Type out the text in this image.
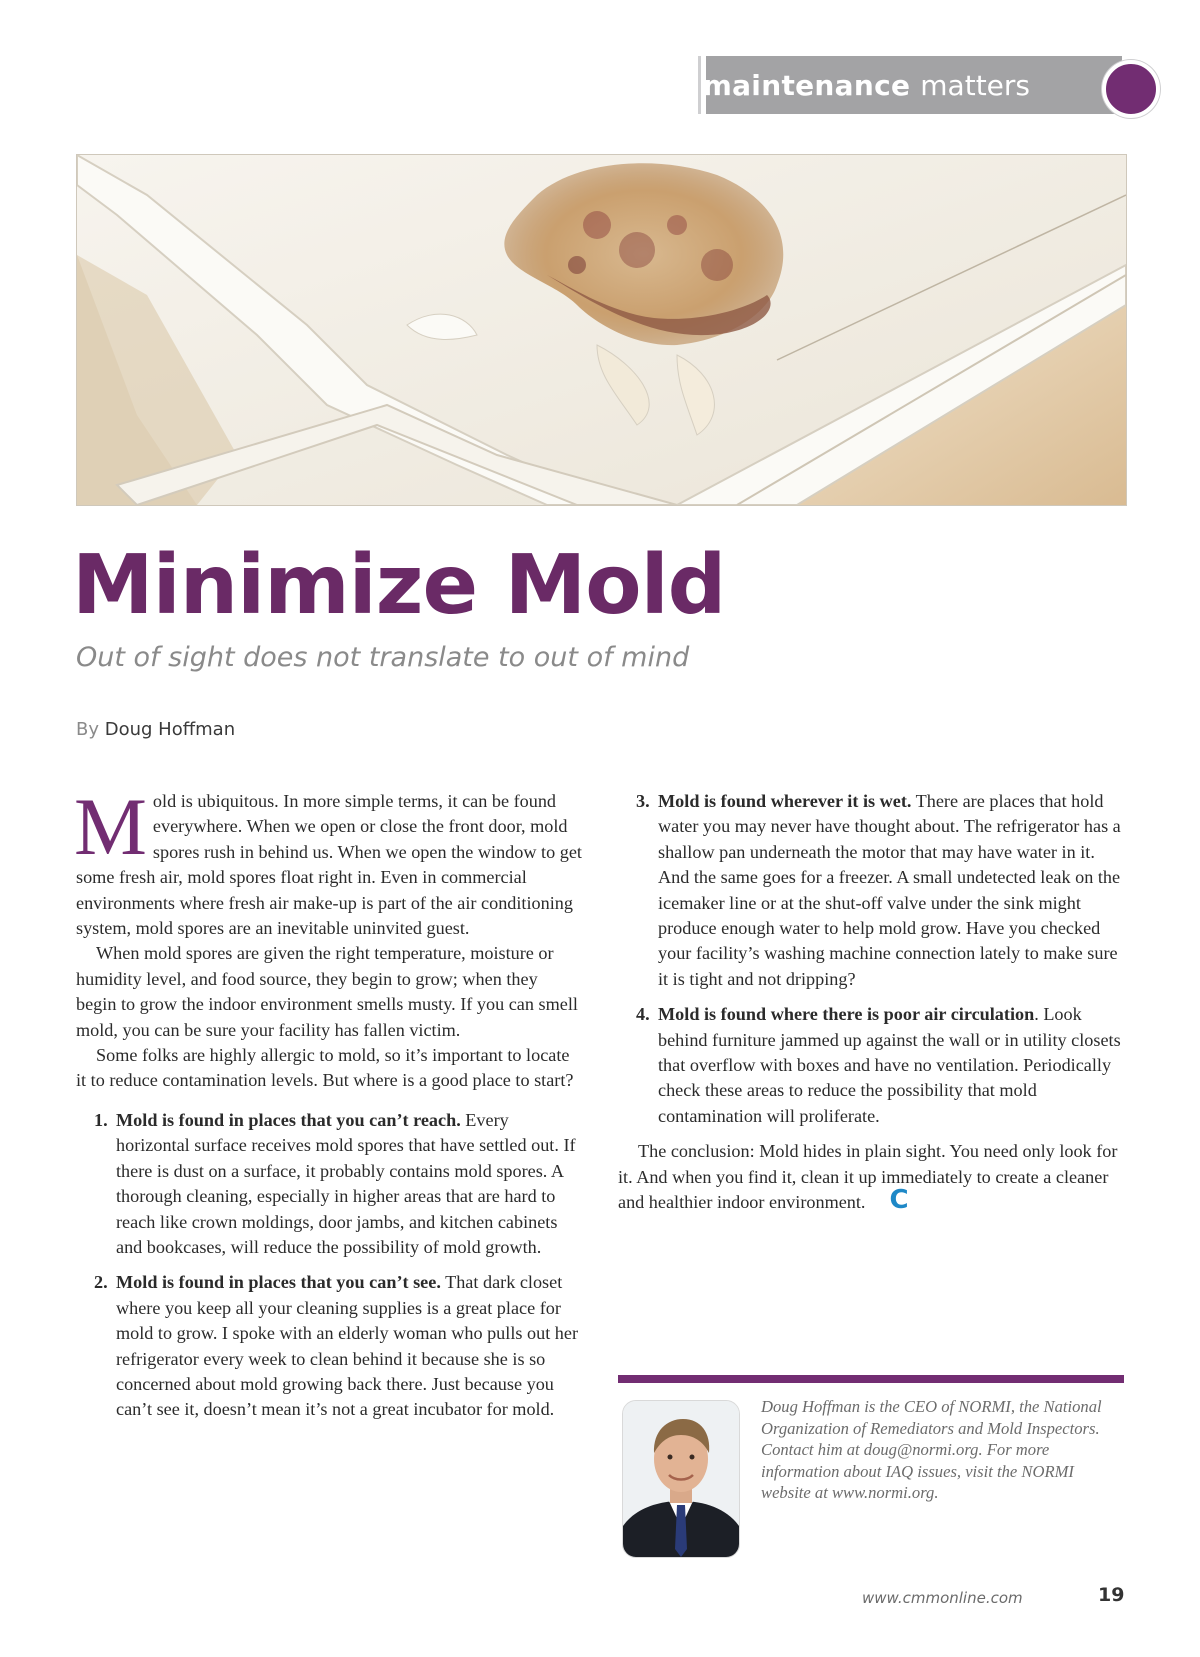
maintenance matters
Minimize Mold
Out of sight does not translate to out of mind
By Doug Hoffman

Mold is ubiquitous. In more simple terms, it can be found everywhere. When we open or close the front door, mold spores rush in behind us. When we open the window to get some fresh air, mold spores float right in. Even in commercial environments where fresh air make-up is part of the air conditioning system, mold spores are an inevitable uninvited guest.

When mold spores are given the right temperature, moisture or humidity level, and food source, they begin to grow; when they begin to grow the indoor environment smells musty. If you can smell mold, you can be sure your facility has fallen victim.

Some folks are highly allergic to mold, so it’s important to locate it to reduce contamination levels. But where is a good place to start?

1. Mold is found in places that you can’t reach. Every horizontal surface receives mold spores that have settled out. If there is dust on a surface, it probably contains mold spores. A thorough cleaning, especially in higher areas that are hard to reach like crown moldings, door jambs, and kitchen cabinets and bookcases, will reduce the possibility of mold growth.
2. Mold is found in places that you can’t see. That dark closet where you keep all your cleaning supplies is a great place for mold to grow. I spoke with an elderly woman who pulls out her refrigerator every week to clean behind it because she is so concerned about mold growing back there. Just because you can’t see it, doesn’t mean it’s not a great incubator for mold.
3. Mold is found wherever it is wet. There are places that hold water you may never have thought about. The refrigerator has a shallow pan underneath the motor that may have water in it. And the same goes for a freezer. A small undetected leak on the icemaker line or at the shut-off valve under the sink might produce enough water to help mold grow. Have you checked your facility’s washing machine connection lately to make sure it is tight and not dripping?
4. Mold is found where there is poor air circulation. Look behind furniture jammed up against the wall or in utility closets that overflow with boxes and have no ventilation. Periodically check these areas to reduce the possibility that mold contamination will proliferate.

The conclusion: Mold hides in plain sight. You need only look for it. And when you find it, clean it up immediately to create a cleaner and healthier indoor environment. C

Doug Hoffman is the CEO of NORMI, the National Organization of Remediators and Mold Inspectors. Contact him at doug@normi.org. For more information about IAQ issues, visit the NORMI website at www.normi.org.

www.cmmonline.com	19
